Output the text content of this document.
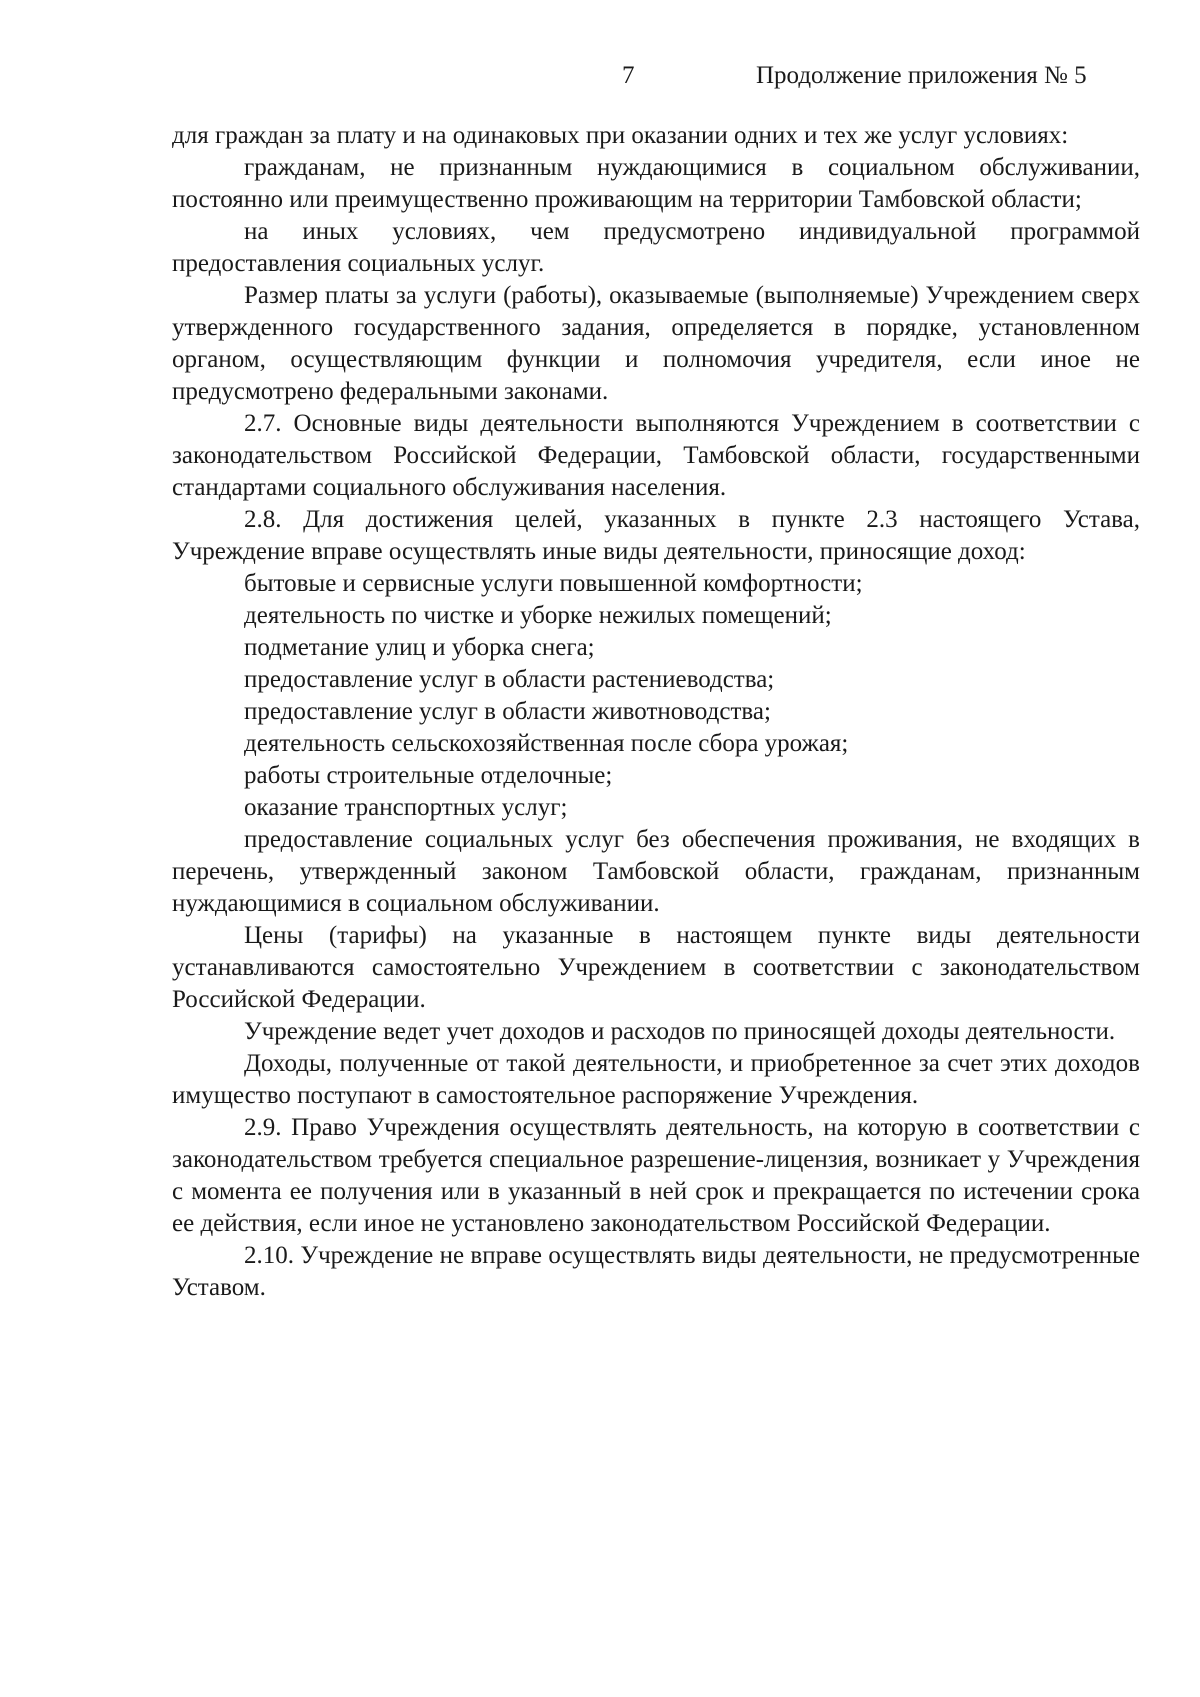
7	Продолжение приложения № 5

для граждан за плату и на одинаковых при оказании одних и тех же услуг условиях:

гражданам, не признанным нуждающимися в социальном обслуживании, постоянно или преимущественно проживающим на территории Тамбовской области;

на иных условиях, чем предусмотрено индивидуальной программой предоставления социальных услуг.

Размер платы за услуги (работы), оказываемые (выполняемые) Учреждением сверх утвержденного государственного задания, определяется в порядке, установленном органом, осуществляющим функции и полномочия учредителя, если иное не предусмотрено федеральными законами.

2.7. Основные виды деятельности выполняются Учреждением в соответствии с законодательством Российской Федерации, Тамбовской области, государственными стандартами социального обслуживания населения.

2.8. Для достижения целей, указанных в пункте 2.3 настоящего Устава, Учреждение вправе осуществлять иные виды деятельности, приносящие доход:

бытовые и сервисные услуги повышенной комфортности;

деятельность по чистке и уборке нежилых помещений;

подметание улиц и уборка снега;

предоставление услуг в области растениеводства;

предоставление услуг в области животноводства;

деятельность сельскохозяйственная после сбора урожая;

работы строительные отделочные;

оказание транспортных услуг;

предоставление социальных услуг без обеспечения проживания, не входящих в перечень, утвержденный законом Тамбовской области, гражданам, признанным нуждающимися в социальном обслуживании.

Цены (тарифы) на указанные в настоящем пункте виды деятельности устанавливаются самостоятельно Учреждением в соответствии с законодательством Российской Федерации.

Учреждение ведет учет доходов и расходов по приносящей доходы деятельности.

Доходы, полученные от такой деятельности, и приобретенное за счет этих доходов имущество поступают в самостоятельное распоряжение Учреждения.

2.9. Право Учреждения осуществлять деятельность, на которую в соответствии с законодательством требуется специальное разрешение-лицензия, возникает у Учреждения с момента ее получения или в указанный в ней срок и прекращается по истечении срока ее действия, если иное не установлено законодательством Российской Федерации.

2.10. Учреждение не вправе осуществлять виды деятельности, не предусмотренные Уставом.
